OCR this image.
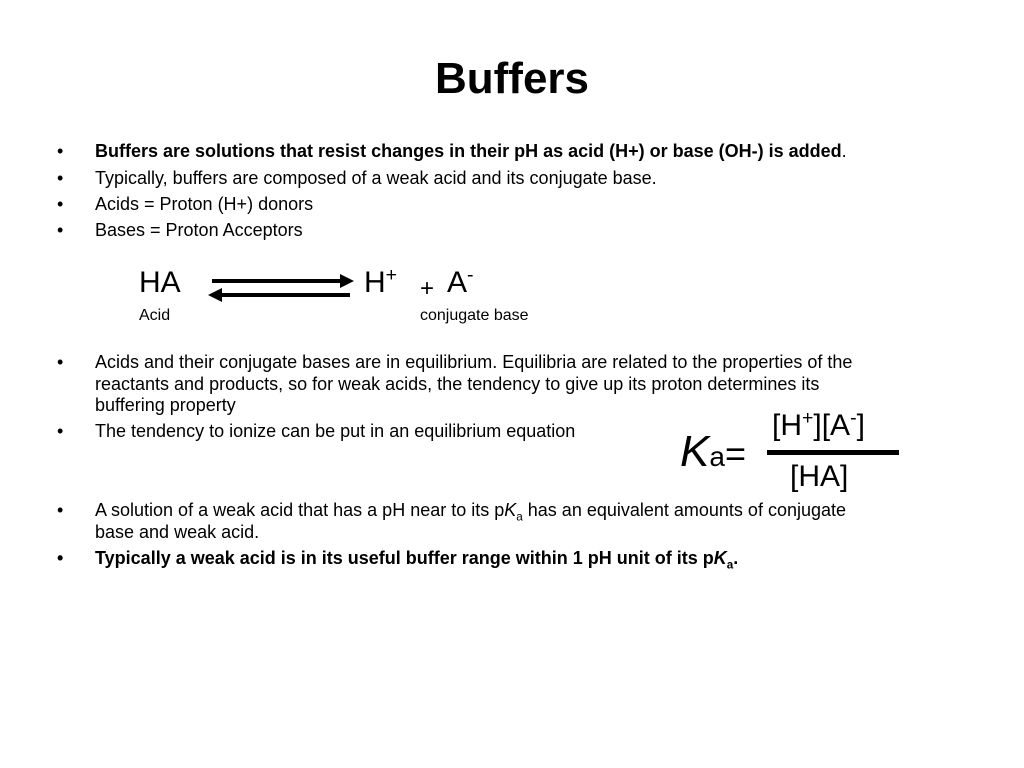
Buffers
• Buffers are solutions that resist changes in their pH as acid (H+) or base (OH-) is added.
• Typically, buffers are composed of a weak acid and its conjugate base.
• Acids = Proton (H+) donors
• Bases = Proton Acceptors
HA	H+ + A-
Acid	conjugate base
• Acids and their conjugate bases are in equilibrium. Equilibria are related to the properties of the
reactants and products, so for weak acids, the tendency to give up its proton determines its
buffering property
• The tendency to ionize can be put in an equilibrium equation Ka=
[H+][A-]
[HA]
• A solution of a weak acid that has a pH near to its $pK_a$ has an equivalent amounts of conjugate
base and weak acid.
• Typically a weak acid is in its useful buffer range within 1 pH unit of its $pK_a$.
